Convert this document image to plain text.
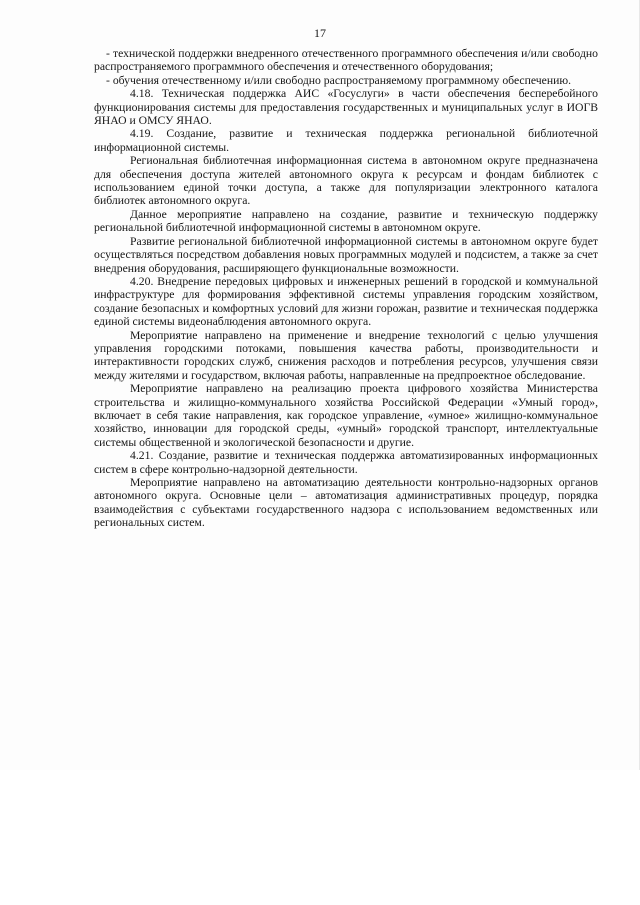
17

- технической поддержки внедренного отечественного программного обеспечения и/или свободно распространяемого программного обеспечения и отечественного оборудования;

- обучения отечественному и/или свободно распространяемому программному обеспечению.

4.18. Техническая поддержка АИС «Госуслуги» в части обеспечения бесперебойного функционирования системы для предоставления государственных и муниципальных услуг в ИОГВ ЯНАО и ОМСУ ЯНАО.

4.19. Создание, развитие и техническая поддержка региональной библиотечной информационной системы.

Региональная библиотечная информационная система в автономном округе предназначена для обеспечения доступа жителей автономного округа к ресурсам и фондам библиотек с использованием единой точки доступа, а также для популяризации электронного каталога библиотек автономного округа.

Данное мероприятие направлено на создание, развитие и техническую поддержку региональной библиотечной информационной системы в автономном округе.

Развитие региональной библиотечной информационной системы в автономном округе будет осуществляться посредством добавления новых программных модулей и подсистем, а также за счет внедрения оборудования, расширяющего функциональные возможности.

4.20. Внедрение передовых цифровых и инженерных решений в городской и коммунальной инфраструктуре для формирования эффективной системы управления городским хозяйством, создание безопасных и комфортных условий для жизни горожан, развитие и техническая поддержка единой системы видеонаблюдения автономного округа.

Мероприятие направлено на применение и внедрение технологий с целью улучшения управления городскими потоками, повышения качества работы, производительности и интерактивности городских служб, снижения расходов и потребления ресурсов, улучшения связи между жителями и государством, включая работы, направленные на предпроектное обследование.

Мероприятие направлено на реализацию проекта цифрового хозяйства Министерства строительства и жилищно-коммунального хозяйства Российской Федерации «Умный город», включает в себя такие направления, как городское управление, «умное» жилищно-коммунальное хозяйство, инновации для городской среды, «умный» городской транспорт, интеллектуальные системы общественной и экологической безопасности и другие.

4.21. Создание, развитие и техническая поддержка автоматизированных информационных систем в сфере контрольно-надзорной деятельности.

Мероприятие направлено на автоматизацию деятельности контрольно-надзорных органов автономного округа. Основные цели – автоматизация административных процедур, порядка взаимодействия с субъектами государственного надзора с использованием ведомственных или региональных систем.
